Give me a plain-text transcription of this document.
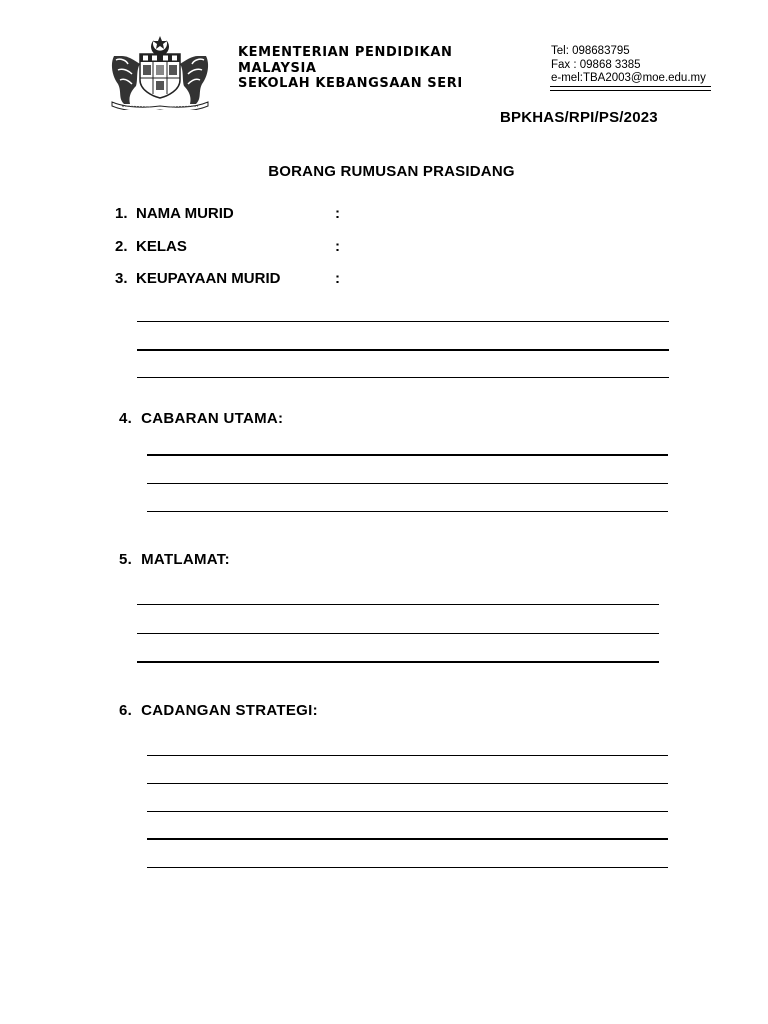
KEMENTERIAN PENDIDIKAN
MALAYSIA
SEKOLAH KEBANGSAAN SERI
Tel: 098683795
Fax : 09868 3385
e-mel:TBA2003@moe.edu.my
BPKHAS/RPI/PS/2023
BORANG RUMUSAN PRASIDANG
1. NAMA MURID	:
2. KELAS	:
3. KEUPAYAAN MURID	:
4. CABARAN UTAMA:
5. MATLAMAT:
6. CADANGAN STRATEGI:
